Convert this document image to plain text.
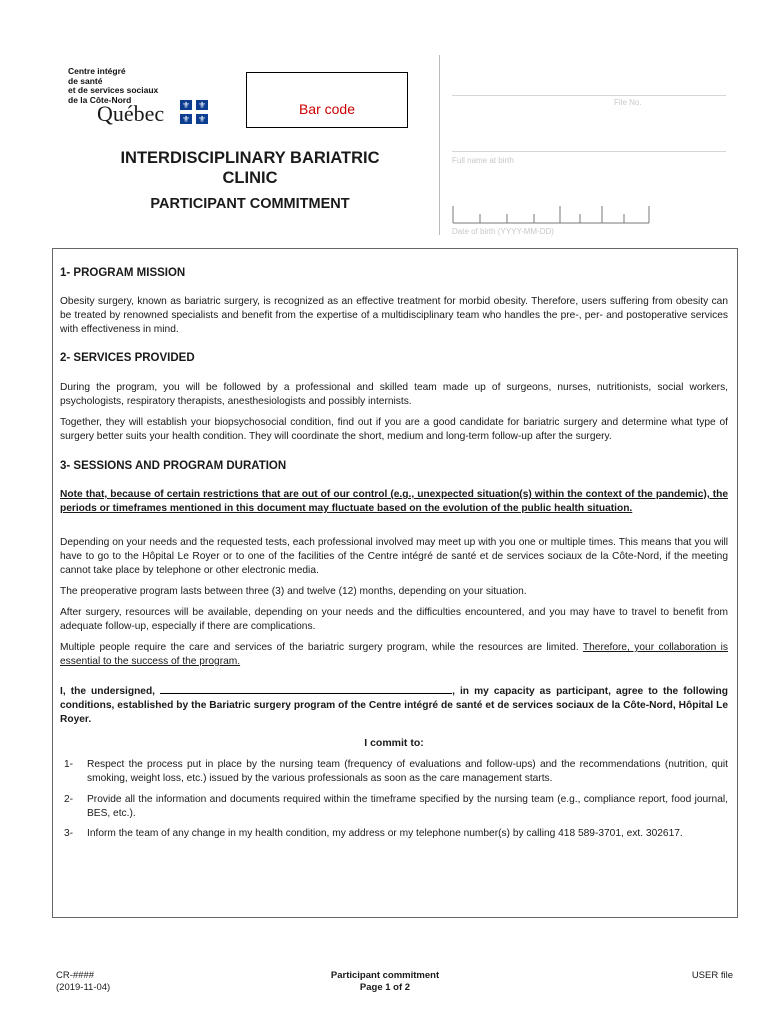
Centre intégré
de santé
et de services sociaux
de la Côte-Nord
Québec ⚜ ⚜
⚜ ⚜
Bar code	File No.
Full name at birth
Date of birth (YYYY-MM-DD)
INTERDISCIPLINARY BARIATRIC CLINIC
PARTICIPANT COMMITMENT
1- PROGRAM MISSION
Obesity surgery, known as bariatric surgery, is recognized as an effective treatment for morbid obesity. Therefore, users suffering from obesity can be treated by renowned specialists and benefit from the expertise of a multidisciplinary team who handles the pre-, per- and postoperative services with effectiveness in mind.
2- SERVICES PROVIDED
During the program, you will be followed by a professional and skilled team made up of surgeons, nurses, nutritionists, social workers, psychologists, respiratory therapists, anesthesiologists and possibly internists.
Together, they will establish your biopsychosocial condition, find out if you are a good candidate for bariatric surgery and determine what type of surgery better suits your health condition. They will coordinate the short, medium and long-term follow-up after the surgery.
3- SESSIONS AND PROGRAM DURATION
Note that, because of certain restrictions that are out of our control (e.g., unexpected situation(s) within the context of the pandemic), the periods or timeframes mentioned in this document may fluctuate based on the evolution of the public health situation.
Depending on your needs and the requested tests, each professional involved may meet up with you one or multiple times. This means that you will have to go to the Hôpital Le Royer or to one of the facilities of the Centre intégré de santé et de services sociaux de la Côte-Nord, if the meeting cannot take place by telephone or other electronic media.
The preoperative program lasts between three (3) and twelve (12) months, depending on your situation.
After surgery, resources will be available, depending on your needs and the difficulties encountered, and you may have to travel to benefit from adequate follow-up, especially if there are complications.
Multiple people require the care and services of the bariatric surgery program, while the resources are limited. Therefore, your collaboration is essential to the success of the program.
I, the undersigned,	, in my capacity as participant, agree to the following conditions, established by the Bariatric surgery program of the Centre intégré de santé et de services sociaux de la Côte-Nord, Hôpital Le Royer.
I commit to:
1- Respect the process put in place by the nursing team (frequency of evaluations and follow-ups) and the recommendations (nutrition, quit smoking, weight loss, etc.) issued by the various professionals as soon as the care management starts.
2- Provide all the information and documents required within the timeframe specified by the nursing team (e.g., compliance report, food journal, BES, etc.).
3- Inform the team of any change in my health condition, my address or my telephone number(s) by calling 418 589-3701, ext. 302617.
CR-####
(2019-11-04)
Participant commitment
Page 1 of 2
USER file
